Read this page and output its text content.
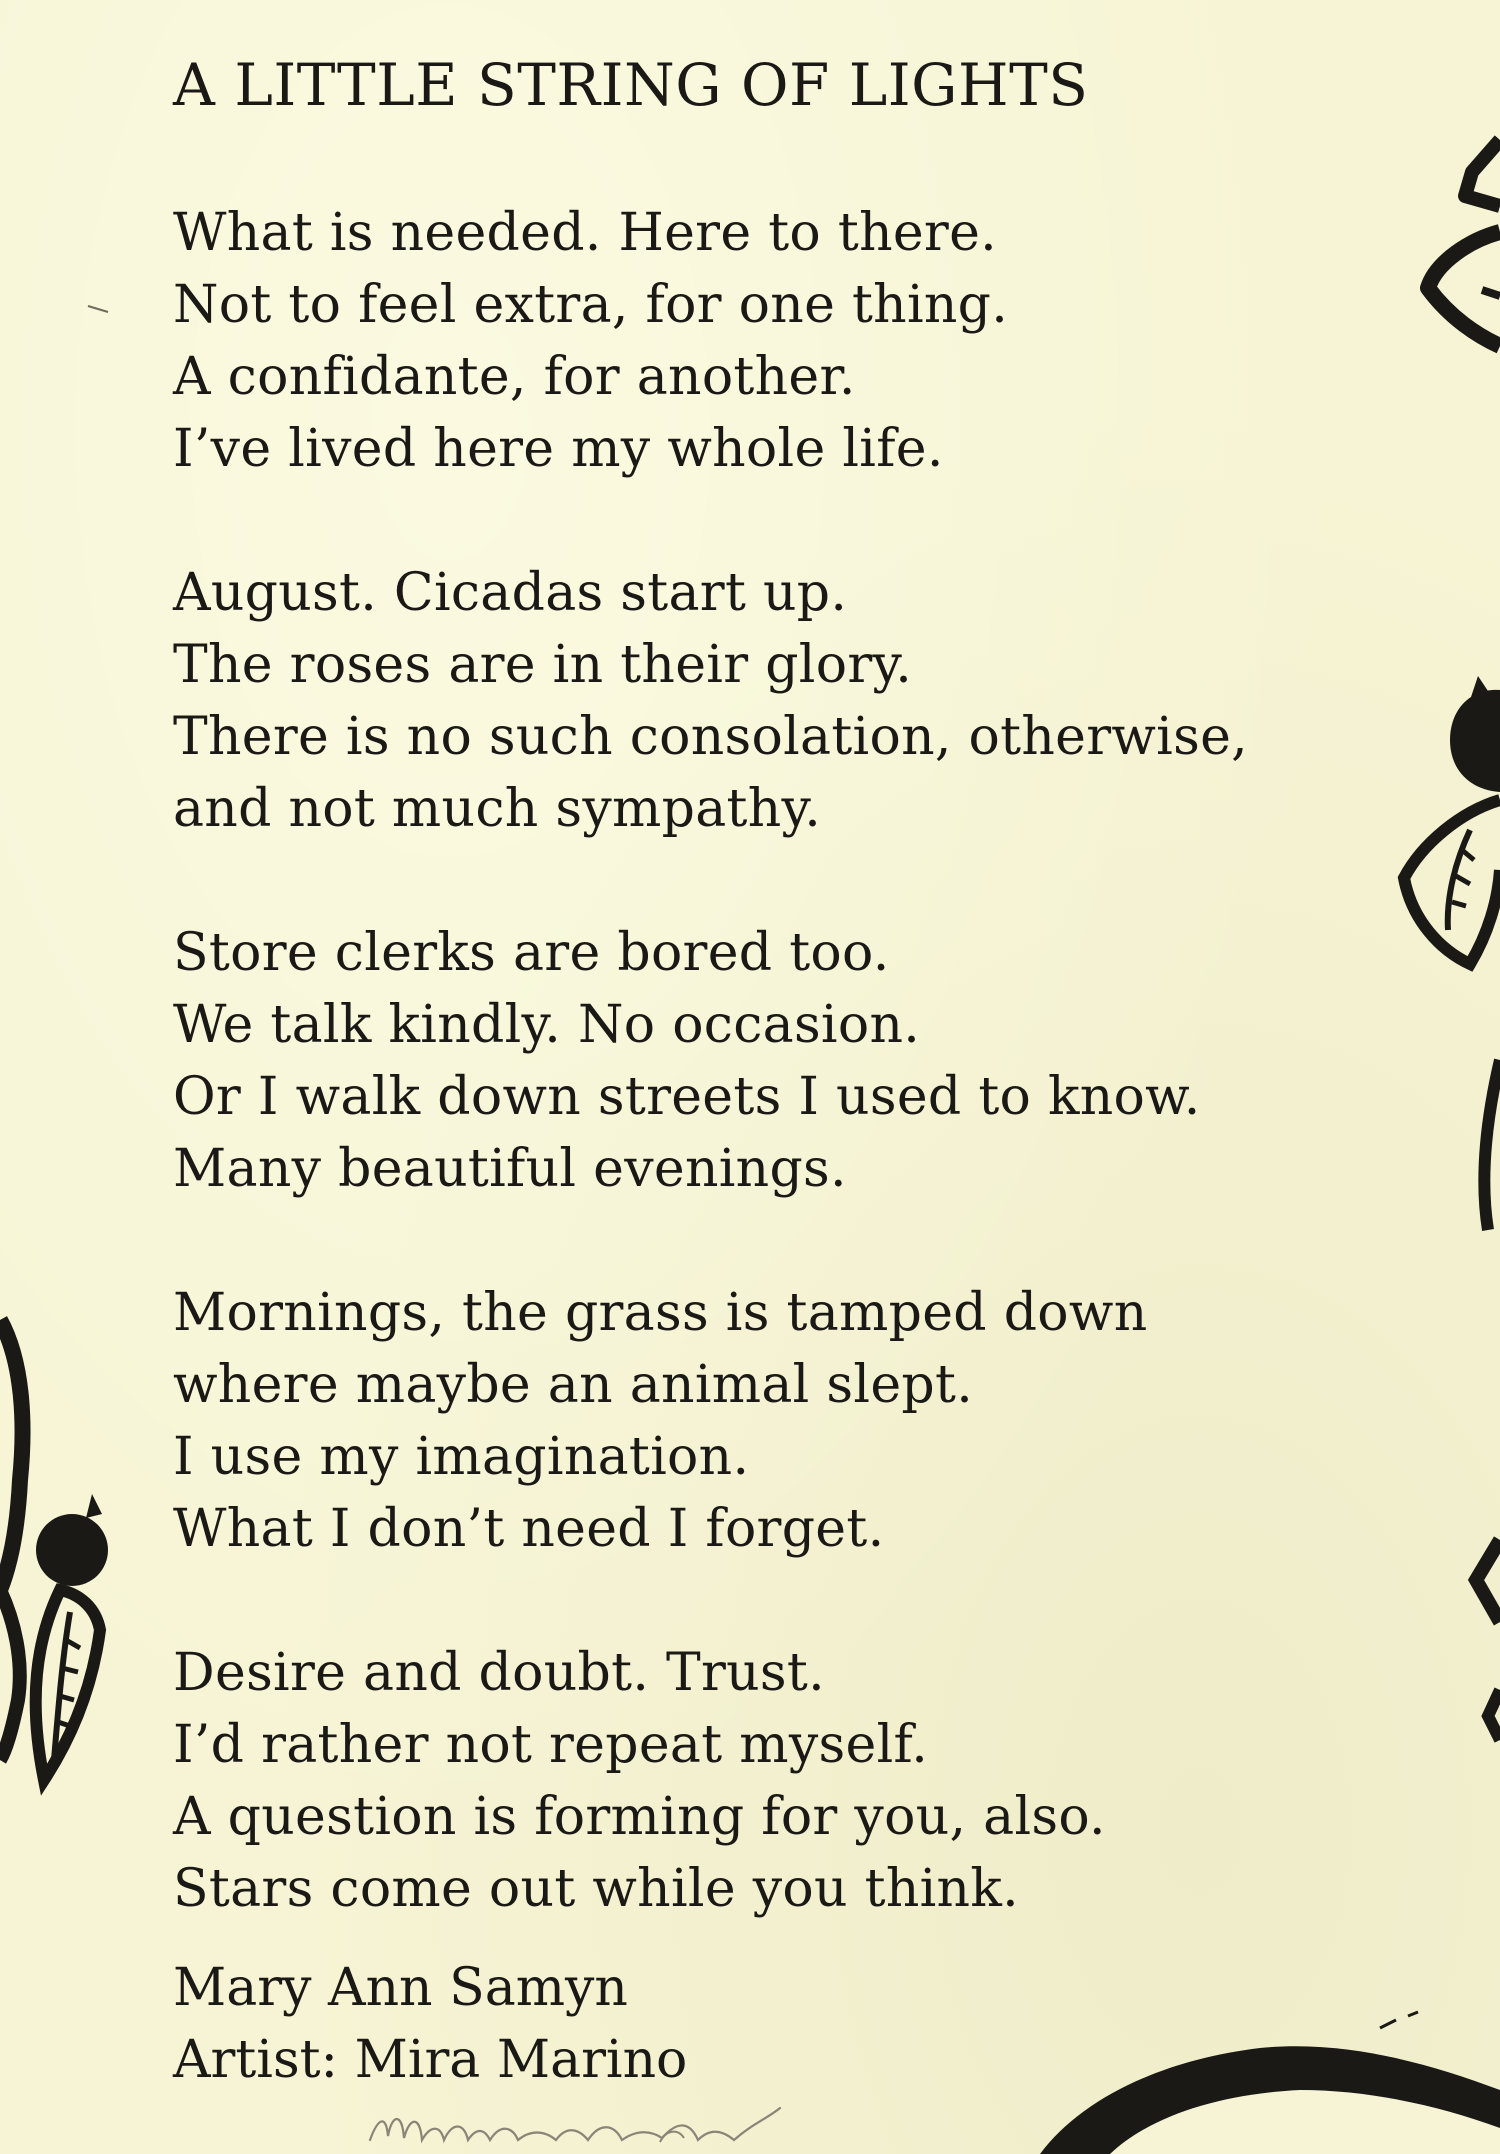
A LITTLE STRING OF LIGHTS
What is needed. Here to there.
Not to feel extra, for one thing.
A confidante, for another.
I’ve lived here my whole life.
August. Cicadas start up.
The roses are in their glory.
There is no such consolation, otherwise,
and not much sympathy.
Store clerks are bored too.
We talk kindly. No occasion.
Or I walk down streets I used to know.
Many beautiful evenings.
Mornings, the grass is tamped down
where maybe an animal slept.
I use my imagination.
What I don’t need I forget.
Desire and doubt. Trust.
I’d rather not repeat myself.
A question is forming for you, also.
Stars come out while you think.
Mary Ann Samyn
Artist: Mira Marino
